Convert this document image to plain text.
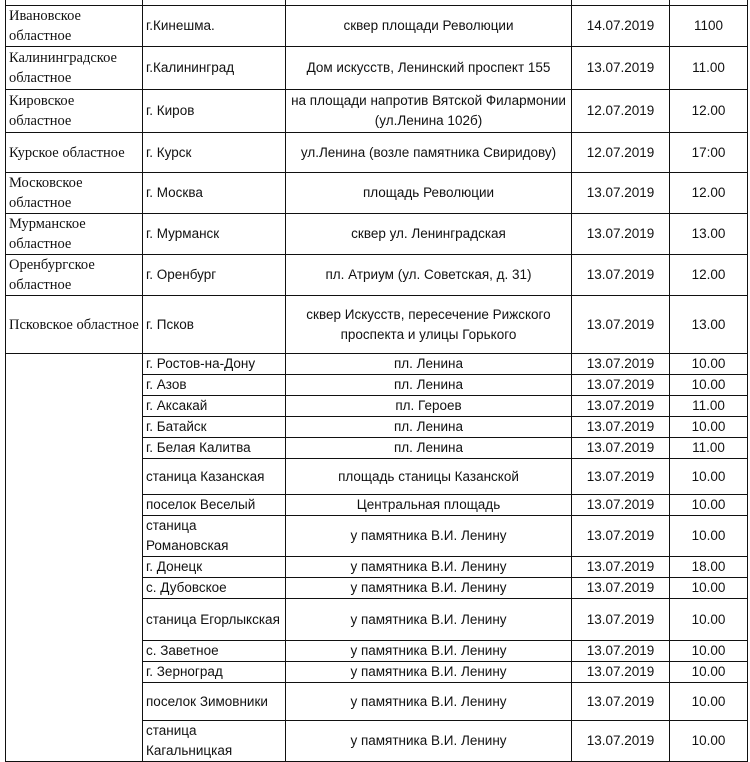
Ивановское областное	г.Кинешма.	сквер площади Революции	14.07.2019	1100
Калининградское областное	г.Калининград	Дом искусств, Ленинский проспект 155	13.07.2019	11.00
Кировское областное	г. Киров	на площади напротив Вятской Филармонии (ул.Ленина 102б)	12.07.2019	12.00
Курское областное	г. Курск	ул.Ленина (возле памятника Свиридову)	12.07.2019	17:00
Московское областное	г. Москва	площадь Революции	13.07.2019	12.00
Мурманское областное	г. Мурманск	сквер ул. Ленинградская	13.07.2019	13.00
Оренбургское областное	г. Оренбург	пл. Атриум (ул. Советская, д. 31)	13.07.2019	12.00
Псковское областное	г. Псков	сквер Искусств, пересечение Рижского проспекта и улицы Горького	13.07.2019	13.00
	г. Ростов-на-Дону	пл. Ленина	13.07.2019	10.00
	г. Азов	пл. Ленина	13.07.2019	10.00
	г. Аксакай	пл. Героев	13.07.2019	11.00
	г. Батайск	пл. Ленина	13.07.2019	10.00
	г. Белая Калитва	пл. Ленина	13.07.2019	11.00
	станица Казанская	площадь станицы Казанской	13.07.2019	10.00
	поселок Веселый	Центральная площадь	13.07.2019	10.00
	станица Романовская	у памятника В.И. Ленину	13.07.2019	10.00
	г. Донецк	у памятника В.И. Ленину	13.07.2019	18.00
	с. Дубовское	у памятника В.И. Ленину	13.07.2019	10.00
	станица Егорлыкская	у памятника В.И. Ленину	13.07.2019	10.00
	с. Заветное	у памятника В.И. Ленину	13.07.2019	10.00
	г. Зерноград	у памятника В.И. Ленину	13.07.2019	10.00
	поселок Зимовники	у памятника В.И. Ленину	13.07.2019	10.00
	станица Кагальницкая	у памятника В.И. Ленину	13.07.2019	10.00
